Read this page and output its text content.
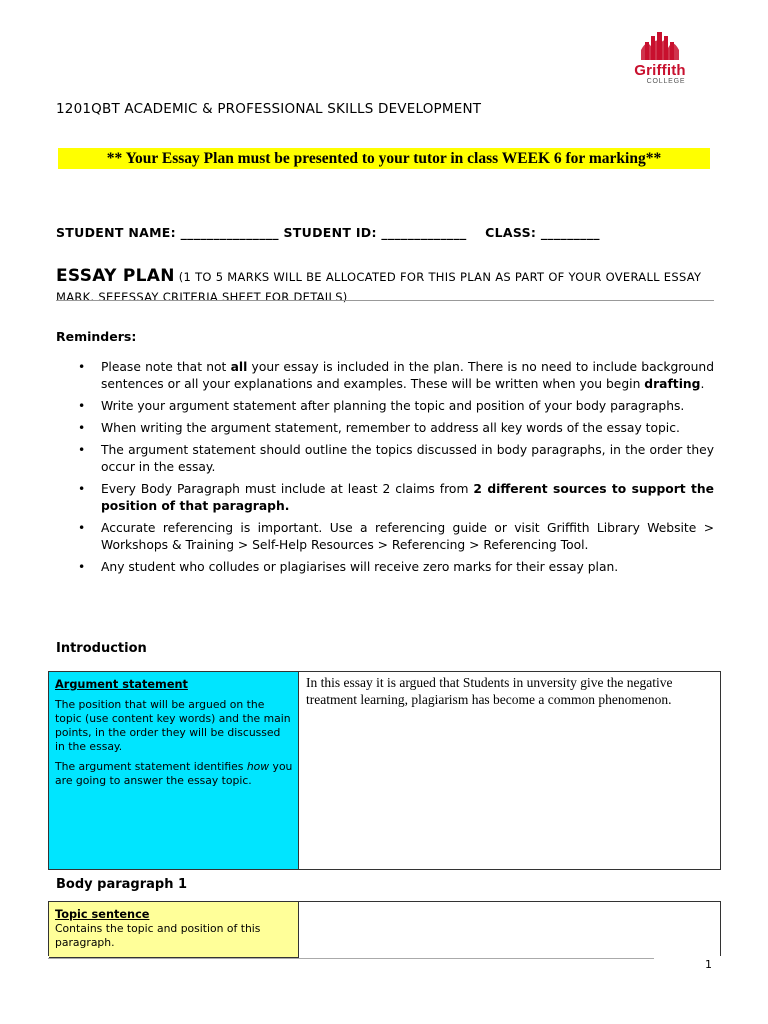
Griffith
COLLEGE
1201QBT ACADEMIC & PROFESSIONAL SKILLS DEVELOPMENT
** Your Essay Plan must be presented to your tutor in class WEEK 6 for marking**
STUDENT NAME: _______________ STUDENT ID: _____________    CLASS: _________
ESSAY PLAN (1 TO 5 MARKS WILL BE ALLOCATED FOR THIS PLAN AS PART OF YOUR OVERALL ESSAY MARK. SEEESSAY CRITERIA SHEET FOR DETAILS)
Reminders:
• Please note that not all your essay is included in the plan. There is no need to include background sentences or all your explanations and examples. These will be written when you begin drafting.
• Write your argument statement after planning the topic and position of your body paragraphs.
• When writing the argument statement, remember to address all key words of the essay topic.
• The argument statement should outline the topics discussed in body paragraphs, in the order they occur in the essay.
• Every Body Paragraph must include at least 2 claims from 2 different sources to support the position of that paragraph.
• Accurate referencing is important. Use a referencing guide or visit Griffith Library Website > Workshops & Training > Self-Help Resources > Referencing > Referencing Tool.
• Any student who colludes or plagiarises will receive zero marks for their essay plan.
Introduction
Argument statement
The position that will be argued on the topic (use content key words) and the main points, in the order they will be discussed in the essay.
The argument statement identifies how you are going to answer the essay topic.
In this essay it is argued that Students in unversity give the negative treatment learning, plagiarism has become a common phenomenon.
Body paragraph 1
Topic sentence
Contains the topic and position of this paragraph.
1
